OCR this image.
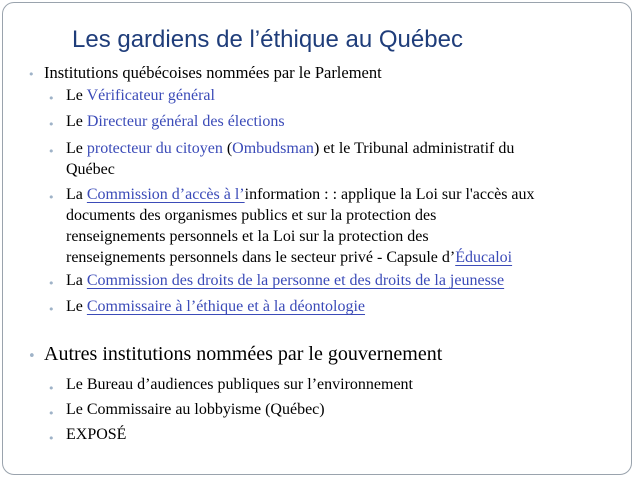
Les gardiens de l’éthique au Québec
• Institutions québécoises nommées par le Parlement
• Le Vérificateur général
• Le Directeur général des élections
• Le protecteur du citoyen (Ombudsman) et le Tribunal administratif du
Québec
• La Commission d’accès à l’information : : applique la Loi sur l'accès aux
documents des organismes publics et sur la protection des
renseignements personnels et la Loi sur la protection des
renseignements personnels dans le secteur privé - Capsule d’Éducaloi
• La Commission des droits de la personne et des droits de la jeunesse
• Le Commissaire à l’éthique et à la déontologie
• Autres institutions nommées par le gouvernement
• Le Bureau d’audiences publiques sur l’environnement
• Le Commissaire au lobbyisme (Québec)
• EXPOSÉ
